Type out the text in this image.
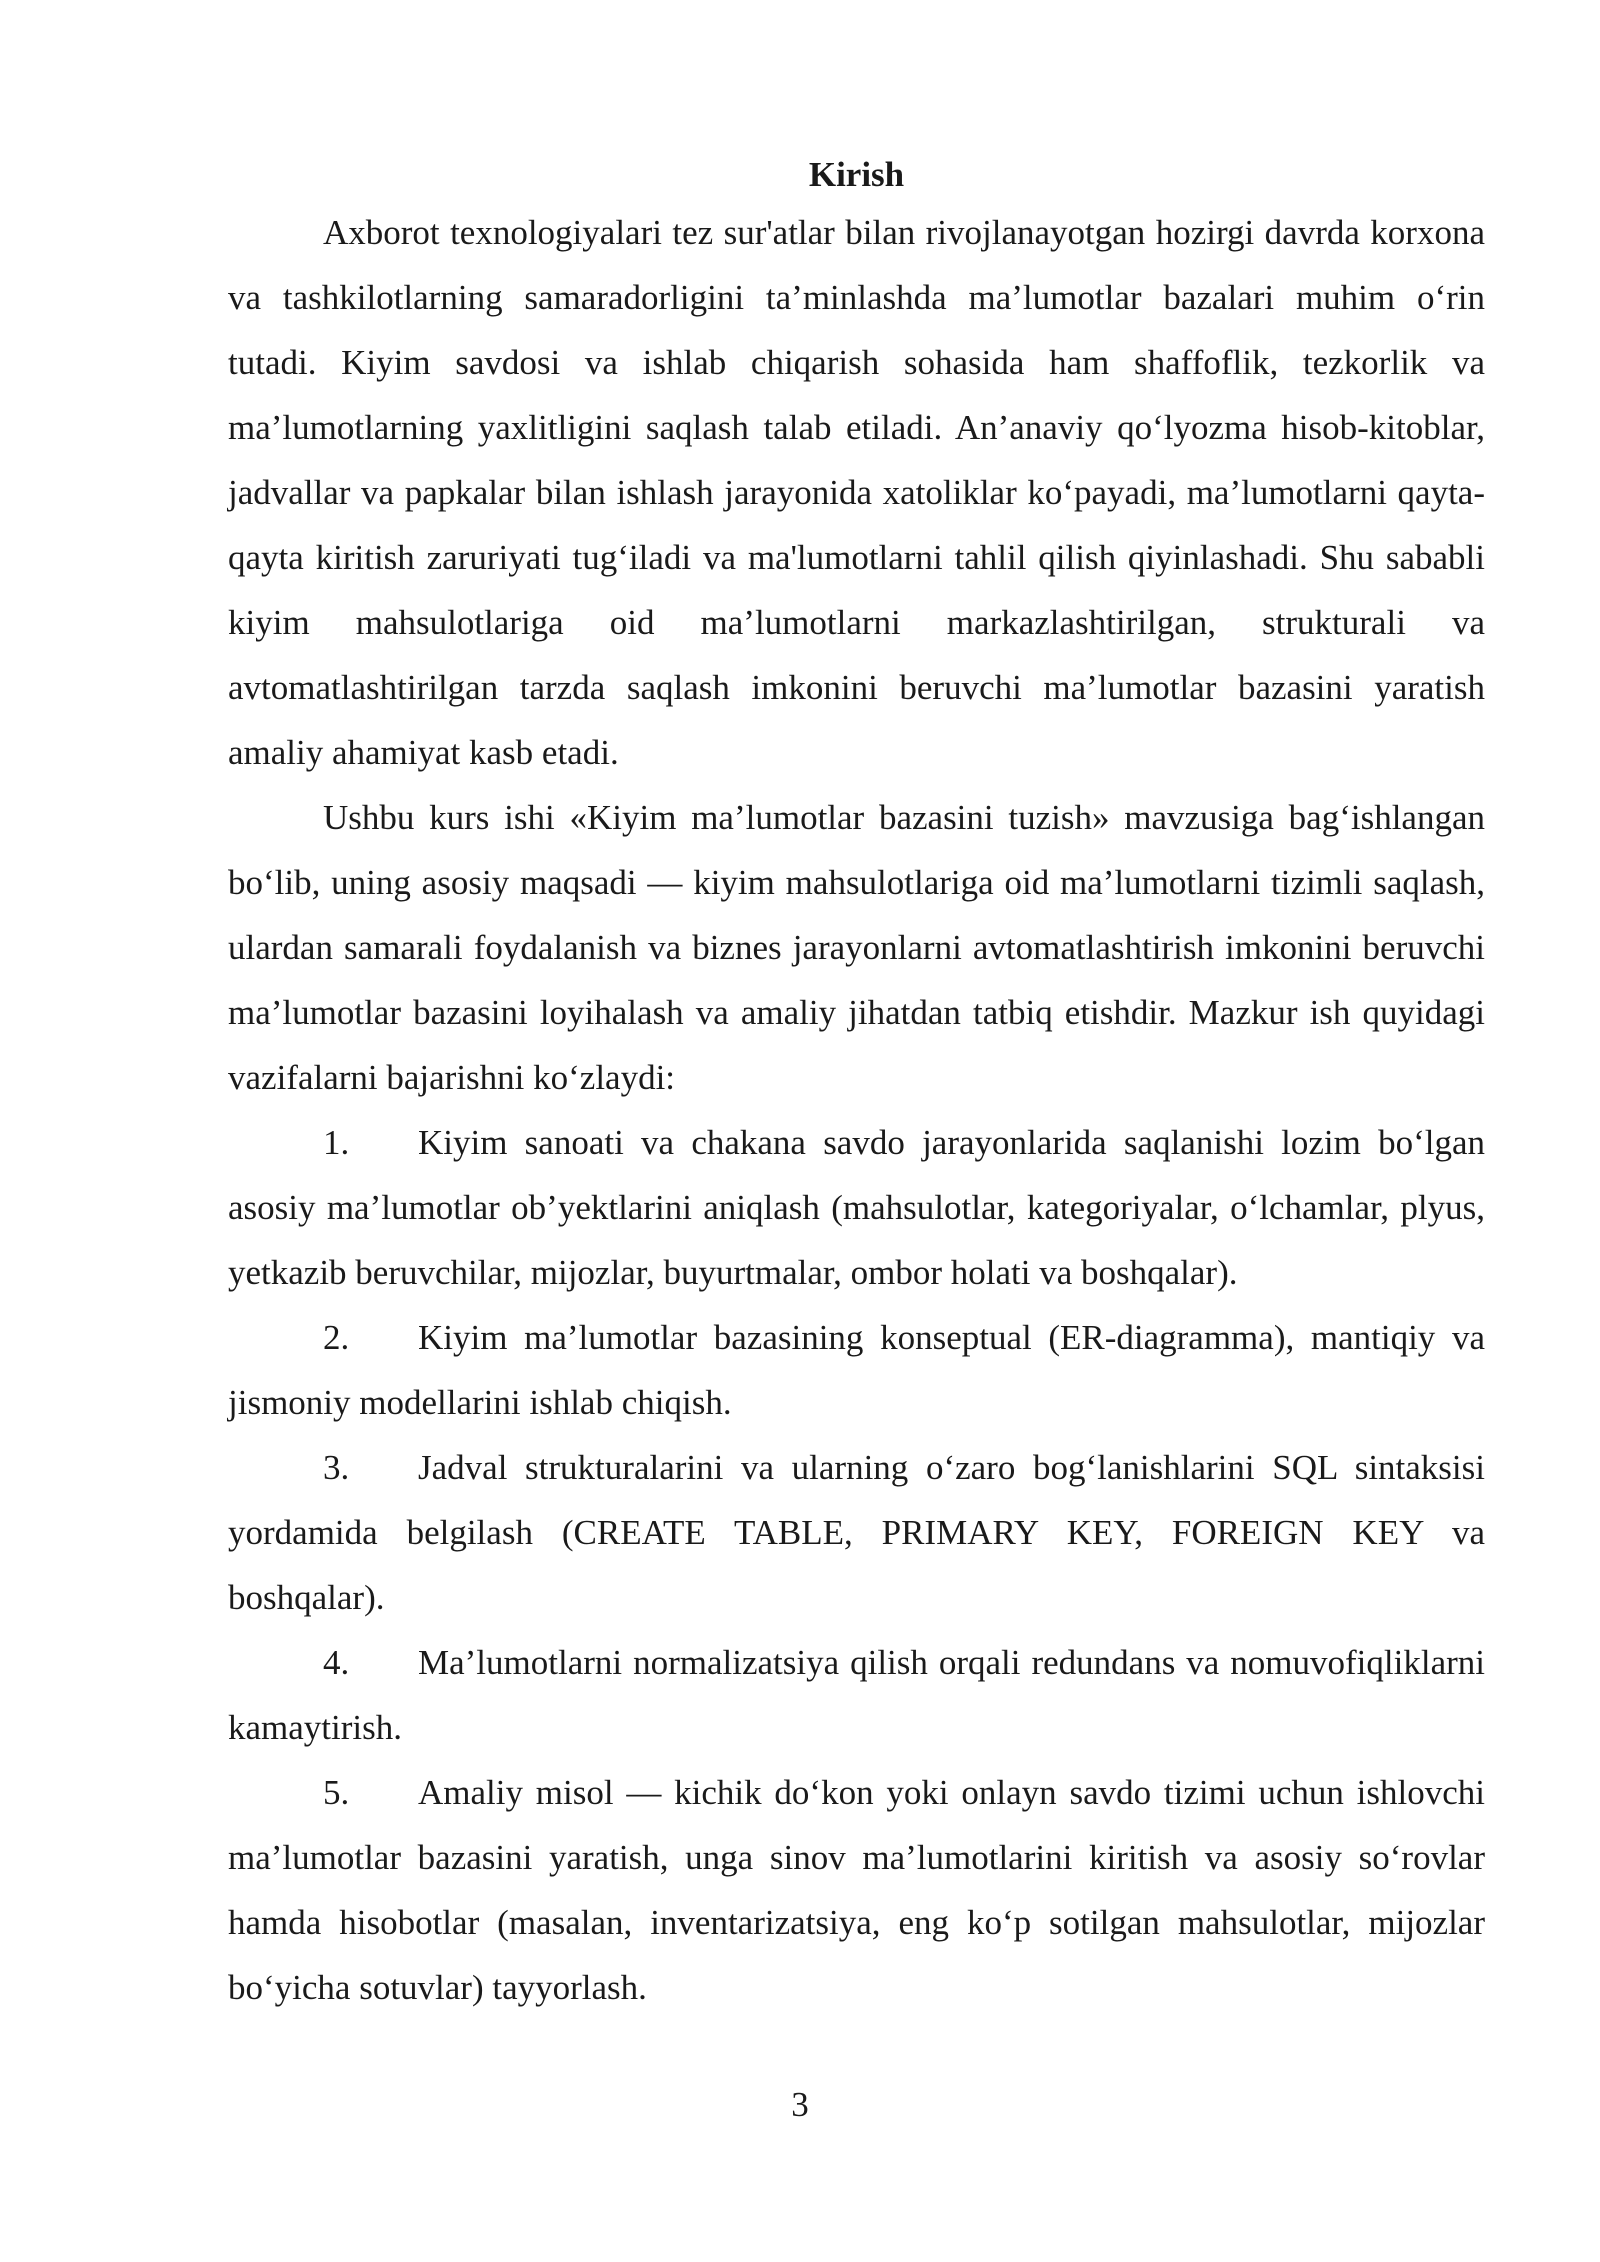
Kirish

Axborot texnologiyalari tez sur'atlar bilan rivojlanayotgan hozirgi davrda korxona va tashkilotlarning samaradorligini ta’minlashda ma’lumotlar bazalari muhim o‘rin tutadi. Kiyim savdosi va ishlab chiqarish sohasida ham shaffoflik, tezkorlik va ma’lumotlarning yaxlitligini saqlash talab etiladi. An’anaviy qo‘lyozma hisob-kitoblar, jadvallar va papkalar bilan ishlash jarayonida xatoliklar ko‘payadi, ma’lumotlarni qayta-qayta kiritish zaruriyati tug‘iladi va ma'lumotlarni tahlil qilish qiyinlashadi. Shu sababli kiyim mahsulotlariga oid ma’lumotlarni markazlashtirilgan, strukturali va avtomatlashtirilgan tarzda saqlash imkonini beruvchi ma’lumotlar bazasini yaratish amaliy ahamiyat kasb etadi.

Ushbu kurs ishi «Kiyim ma’lumotlar bazasini tuzish» mavzusiga bag‘ishlangan bo‘lib, uning asosiy maqsadi — kiyim mahsulotlariga oid ma’lumotlarni tizimli saqlash, ulardan samarali foydalanish va biznes jarayonlarni avtomatlashtirish imkonini beruvchi ma’lumotlar bazasini loyihalash va amaliy jihatdan tatbiq etishdir. Mazkur ish quyidagi vazifalarni bajarishni ko‘zlaydi:

1. Kiyim sanoati va chakana savdo jarayonlarida saqlanishi lozim bo‘lgan asosiy ma’lumotlar ob’yektlarini aniqlash (mahsulotlar, kategoriyalar, o‘lchamlar, plyus, yetkazib beruvchilar, mijozlar, buyurtmalar, ombor holati va boshqalar).

2. Kiyim ma’lumotlar bazasining konseptual (ER-diagramma), mantiqiy va jismoniy modellarini ishlab chiqish.

3. Jadval strukturalarini va ularning o‘zaro bog‘lanishlarini SQL sintaksisi yordamida belgilash (CREATE TABLE, PRIMARY KEY, FOREIGN KEY va boshqalar).

4. Ma’lumotlarni normalizatsiya qilish orqali redundans va nomuvofiqliklarni kamaytirish.

5. Amaliy misol — kichik do‘kon yoki onlayn savdo tizimi uchun ishlovchi ma’lumotlar bazasini yaratish, unga sinov ma’lumotlarini kiritish va asosiy so‘rovlar hamda hisobotlar (masalan, inventarizatsiya, eng ko‘p sotilgan mahsulotlar, mijozlar bo‘yicha sotuvlar) tayyorlash.

3
